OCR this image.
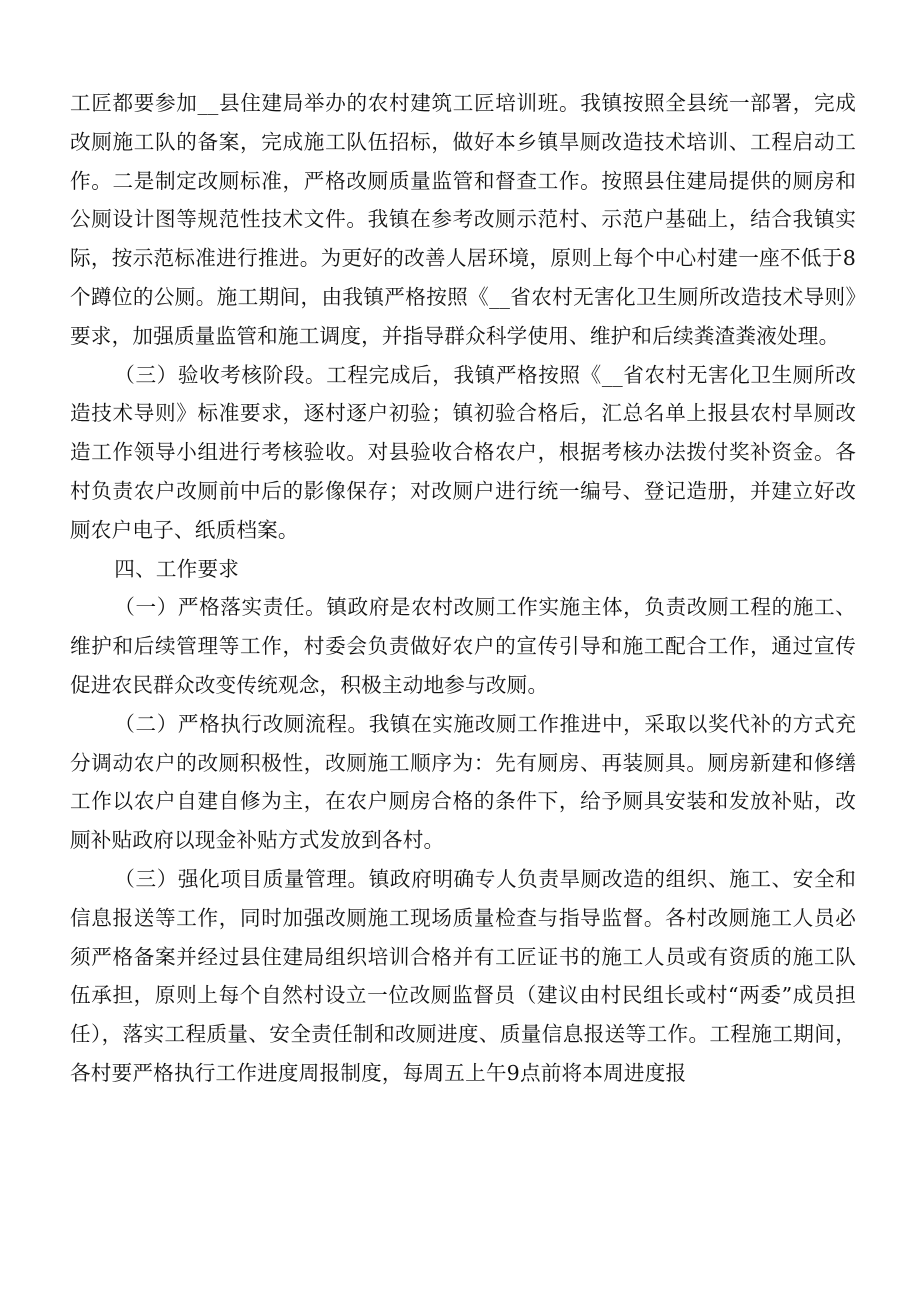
工匠都要参加__县住建局举办的农村建筑工匠培训班。我镇按照全县统一部署，完成改厕施工队的备案，完成施工队伍招标，做好本乡镇旱厕改造技术培训、工程启动工作。二是制定改厕标准，严格改厕质量监管和督查工作。按照县住建局提供的厕房和公厕设计图等规范性技术文件。我镇在参考改厕示范村、示范户基础上，结合我镇实际，按示范标准进行推进。为更好的改善人居环境，原则上每个中心村建一座不低于8个蹲位的公厕。施工期间，由我镇严格按照《__省农村无害化卫生厕所改造技术导则》要求，加强质量监管和施工调度，并指导群众科学使用、维护和后续粪渣粪液处理。

（三）验收考核阶段。工程完成后，我镇严格按照《__省农村无害化卫生厕所改造技术导则》标准要求，逐村逐户初验；镇初验合格后，汇总名单上报县农村旱厕改造工作领导小组进行考核验收。对县验收合格农户，根据考核办法拨付奖补资金。各村负责农户改厕前中后的影像保存；对改厕户进行统一编号、登记造册，并建立好改厕农户电子、纸质档案。

四、工作要求

（一）严格落实责任。镇政府是农村改厕工作实施主体，负责改厕工程的施工、维护和后续管理等工作，村委会负责做好农户的宣传引导和施工配合工作，通过宣传促进农民群众改变传统观念，积极主动地参与改厕。

（二）严格执行改厕流程。我镇在实施改厕工作推进中，采取以奖代补的方式充分调动农户的改厕积极性，改厕施工顺序为：先有厕房、再装厕具。厕房新建和修缮工作以农户自建自修为主，在农户厕房合格的条件下，给予厕具安装和发放补贴，改厕补贴政府以现金补贴方式发放到各村。

（三）强化项目质量管理。镇政府明确专人负责旱厕改造的组织、施工、安全和信息报送等工作，同时加强改厕施工现场质量检查与指导监督。各村改厕施工人员必须严格备案并经过县住建局组织培训合格并有工匠证书的施工人员或有资质的施工队伍承担，原则上每个自然村设立一位改厕监督员（建议由村民组长或村“两委”成员担任），落实工程质量、安全责任制和改厕进度、质量信息报送等工作。工程施工期间，各村要严格执行工作进度周报制度，每周五上午9点前将本周进度报
